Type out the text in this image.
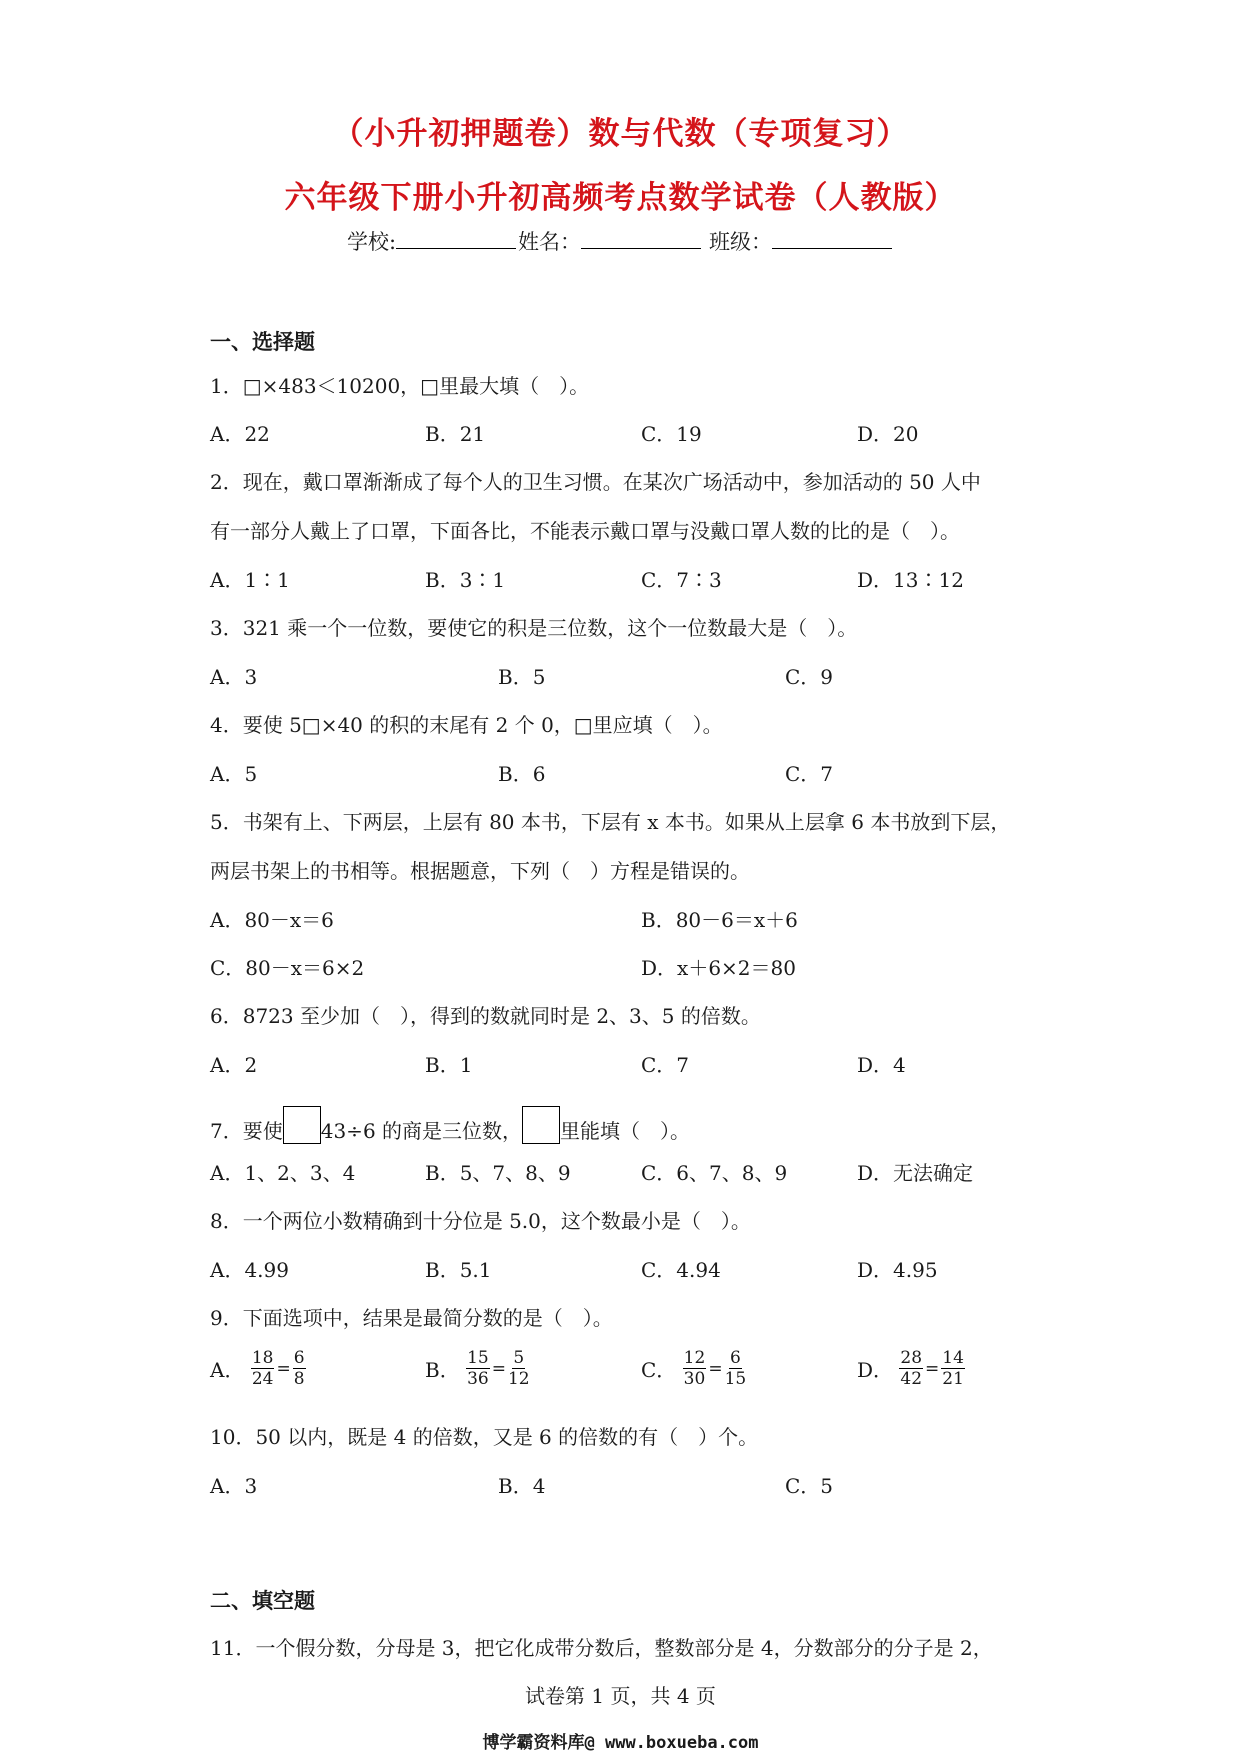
（小升初押题卷）数与代数（专项复习）
六年级下册小升初高频考点数学试卷（人教版）
学校:	姓名：	班级：
一、选择题
1．□×483＜10200，□里最大填（　）。
A．22	B．21	C．19	D．20
2．现在，戴口罩渐渐成了每个人的卫生习惯。在某次广场活动中，参加活动的 50 人中
有一部分人戴上了口罩，下面各比，不能表示戴口罩与没戴口罩人数的比的是（　）。
A．1∶1	B．3∶1	C．7∶3	D．13∶12
3．321 乘一个一位数，要使它的积是三位数，这个一位数最大是（　）。
A．3	B．5	C．9
4．要使 5□×40 的积的末尾有 2 个 0，□里应填（　）。
A．5	B．6	C．7
5．书架有上、下两层，上层有 80 本书，下层有 x 本书。如果从上层拿 6 本书放到下层，
两层书架上的书相等。根据题意，下列（　）方程是错误的。
A．80－x＝6	B．80－6＝x＋6
C．80－x＝6×2	D．x＋6×2＝80
6．8723 至少加（　），得到的数就同时是 2、3、5 的倍数。
A．2	B．1	C．7	D．4
7．要使 43÷6 的商是三位数， 里能填（　）。
A．1、2、3、4	B．5、7、8、9	C．6、7、8、9	D．无法确定
8．一个两位小数精确到十分位是 5.0，这个数最小是（　）。
A．4.99	B．5.1	C．4.94	D．4.95
9．下面选项中，结果是最简分数的是（　）。
A． $\frac{18}{24} = \frac{6}{8}$	B． $\frac{15}{36} = \frac{5}{12}$	C． $\frac{12}{30} = \frac{6}{15}$	D． $\frac{28}{42} = \frac{14}{21}$
10．50 以内，既是 4 的倍数，又是 6 的倍数的有（　）个。
A．3	B．4	C．5
二、填空题
11．一个假分数，分母是 3，把它化成带分数后，整数部分是 4，分数部分的分子是 2，
试卷第 1 页，共 4 页
博学霸资料库@ www.boxueba.com
